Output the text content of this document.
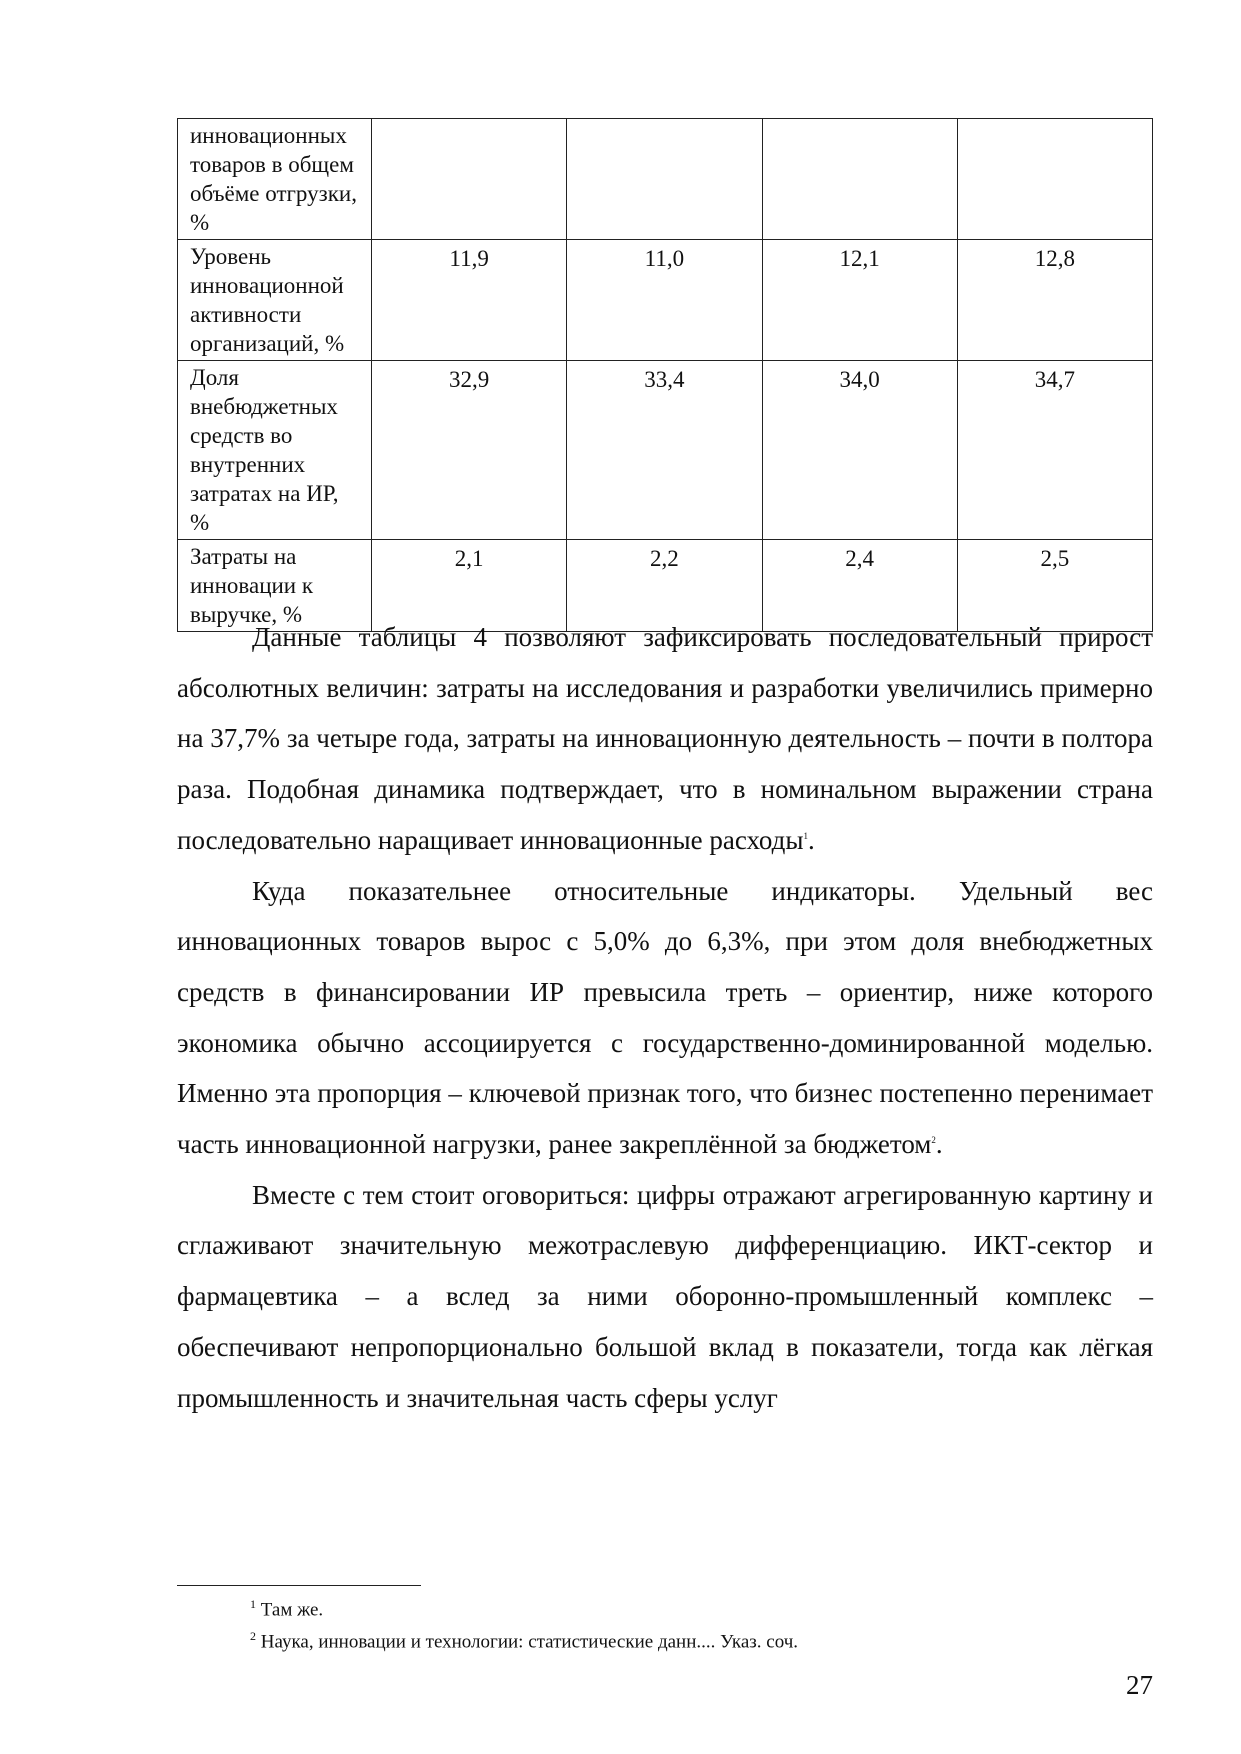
инновационных товаров в общем объёме отгрузки, %				
Уровень инновационной активности организаций, %	11,9	11,0	12,1	12,8
Доля внебюджетных средств во внутренних затратах на ИР, %	32,9	33,4	34,0	34,7
Затраты на инновации к выручке, %	2,1	2,2	2,4	2,5

Данные таблицы 4 позволяют зафиксировать последовательный прирост абсолютных величин: затраты на исследования и разработки увеличились примерно на 37,7% за четыре года, затраты на инновационную деятельность – почти в полтора раза. Подобная динамика подтверждает, что в номинальном выражении страна последовательно наращивает инновационные расходы$^1$.

Куда показательнее относительные индикаторы. Удельный вес инновационных товаров вырос с 5,0% до 6,3%, при этом доля внебюджетных средств в финансировании ИР превысила треть – ориентир, ниже которого экономика обычно ассоциируется с государственно-доминированной моделью. Именно эта пропорция – ключевой признак того, что бизнес постепенно перенимает часть инновационной нагрузки, ранее закреплённой за бюджетом$^2$.

Вместе с тем стоит оговориться: цифры отражают агрегированную картину и сглаживают значительную межотраслевую дифференциацию. ИКТ-сектор и фармацевтика – а вслед за ними оборонно-промышленный комплекс – обеспечивают непропорционально большой вклад в показатели, тогда как лёгкая промышленность и значительная часть сферы услуг

$^1$ Там же.
$^2$ Наука, инновации и технологии: статистические данн.... Указ. соч.
27
